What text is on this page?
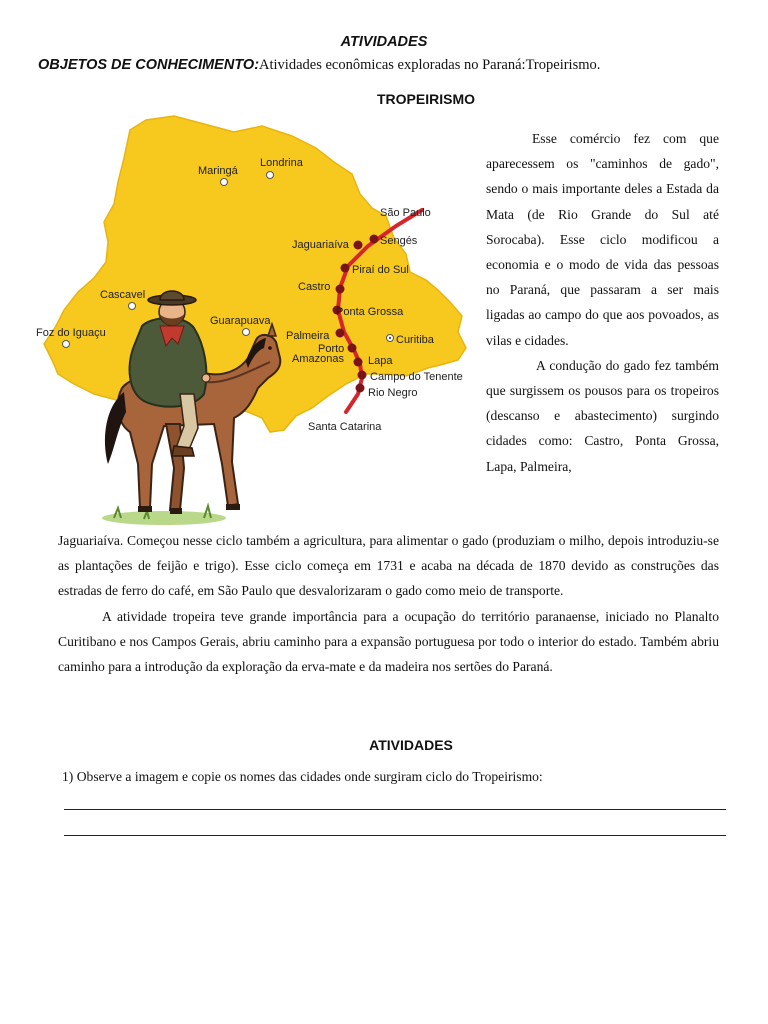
ATIVIDADES
OBJETOS DE CONHECIMENTO:Atividades econômicas exploradas no Paraná:Tropeirismo.
TROPEIRISMO
Maringá
Londrina
São Paulo
Jaguariaíva	Sengés
Piraí do Sul
Castro
Cascavel
Ponta Grossa
Guarapuava
Foz do Iguaçu	Palmeira	Curitiba
Porto
Amazonas Lapa
Campo do Tenente
Rio Negro
Santa Catarina

Esse comércio fez com que aparecessem os "caminhos de gado", sendo o mais importante deles a Estada da Mata (de Rio Grande do Sul até Sorocaba). Esse ciclo modificou a economia e o modo de vida das pessoas no Paraná, que passaram a ser mais ligadas ao campo do que aos povoados, as vilas e cidades.

A condução do gado fez também que surgissem os pousos para os tropeiros (descanso e abastecimento) surgindo cidades como: Castro, Ponta Grossa, Lapa, Palmeira,

Jaguariaíva. Começou nesse ciclo também a agricultura, para alimentar o gado (produziam o milho, depois introduziu-se as plantações de feijão e trigo). Esse ciclo começa em 1731 e acaba na década de 1870 devido as construções das estradas de ferro do café, em São Paulo que desvalorizaram o gado como meio de transporte.

A atividade tropeira teve grande importância para a ocupação do território paranaense, iniciado no Planalto Curitibano e nos Campos Gerais, abriu caminho para a expansão portuguesa por todo o interior do estado. Também abriu caminho para a introdução da exploração da erva-mate e da madeira nos sertões do Paraná.

ATIVIDADES
1) Observe a imagem e copie os nomes das cidades onde surgiram ciclo do Tropeirismo:
